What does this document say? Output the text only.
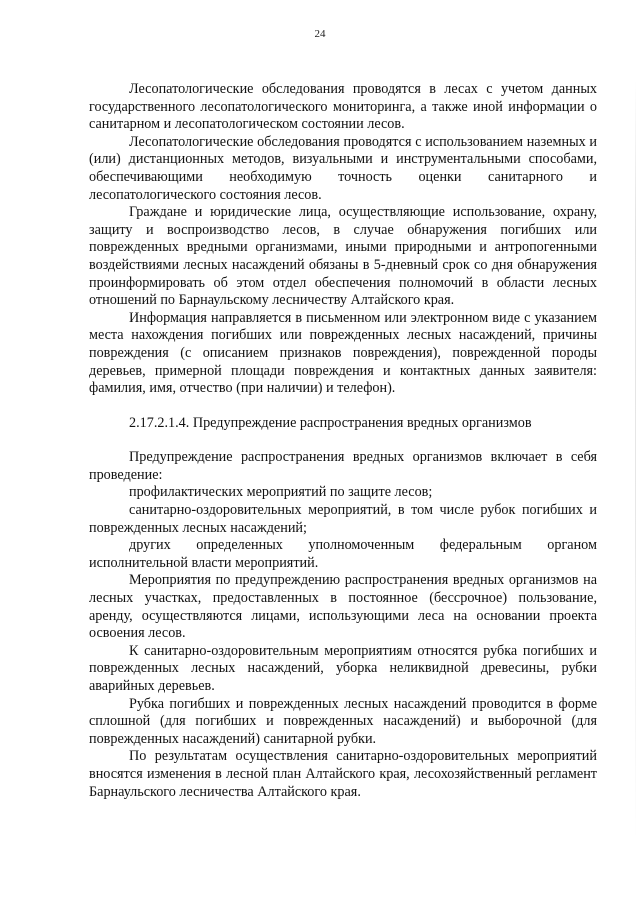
24

Лесопатологические обследования проводятся в лесах с учетом данных государственного лесопатологического мониторинга, а также иной информации о санитарном и лесопатологическом состоянии лесов.

Лесопатологические обследования проводятся с использованием наземных и (или) дистанционных методов, визуальными и инструментальными способами, обеспечивающими необходимую точность оценки санитарного и лесопатологического состояния лесов.

Граждане и юридические лица, осуществляющие использование, охрану, защиту и воспроизводство лесов, в случае обнаружения погибших или поврежденных вредными организмами, иными природными и антропогенными воздействиями лесных насаждений обязаны в 5-дневный срок со дня обнаружения проинформировать об этом отдел обеспечения полномочий в области лесных отношений по Барнаульскому лесничеству Алтайского края.

Информация направляется в письменном или электронном виде с указанием места нахождения погибших или поврежденных лесных насаждений, причины повреждения (с описанием признаков повреждения), поврежденной породы деревьев, примерной площади повреждения и контактных данных заявителя: фамилия, имя, отчество (при наличии) и телефон).

2.17.2.1.4. Предупреждение распространения вредных организмов

Предупреждение распространения вредных организмов включает в себя проведение:

профилактических мероприятий по защите лесов;

санитарно-оздоровительных мероприятий, в том числе рубок погибших и поврежденных лесных насаждений;

других определенных уполномоченным федеральным органом исполнительной власти мероприятий.

Мероприятия по предупреждению распространения вредных организмов на лесных участках, предоставленных в постоянное (бессрочное) пользование, аренду, осуществляются лицами, использующими леса на основании проекта освоения лесов.

К санитарно-оздоровительным мероприятиям относятся рубка погибших и поврежденных лесных насаждений, уборка неликвидной древесины, рубки аварийных деревьев.

Рубка погибших и поврежденных лесных насаждений проводится в форме сплошной (для погибших и поврежденных насаждений) и выборочной (для поврежденных насаждений) санитарной рубки.

По результатам осуществления санитарно-оздоровительных мероприятий вносятся изменения в лесной план Алтайского края, лесохозяйственный регламент Барнаульского лесничества Алтайского края.
